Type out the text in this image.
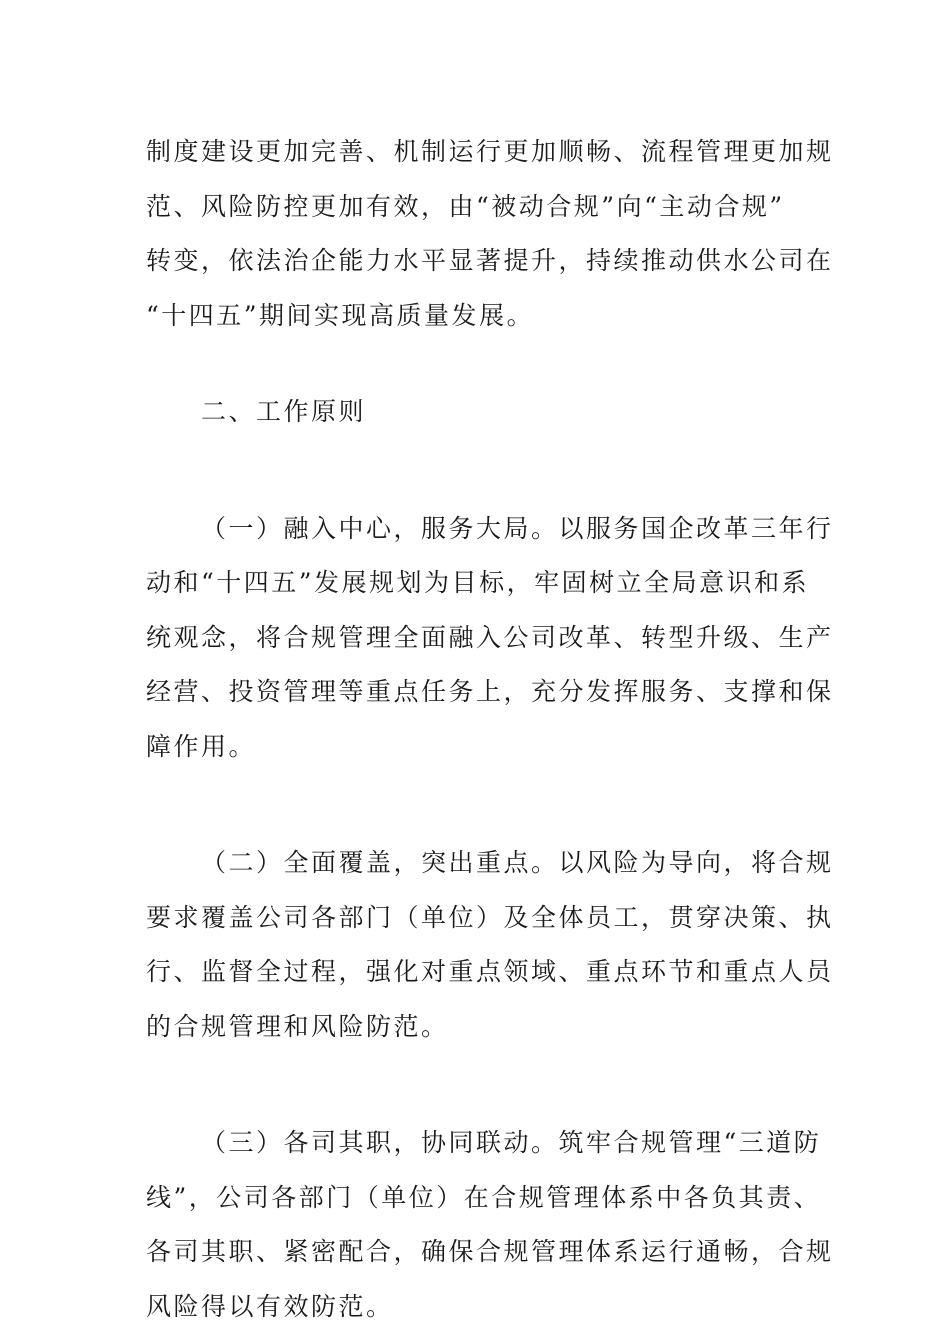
制度建设更加完善、机制运行更加顺畅、流程管理更加规
范、风险防控更加有效，由“被动合规”向“主动合规”
转变，依法治企能力水平显著提升，持续推动供水公司在
“十四五”期间实现高质量发展。

二、工作原则

（一）融入中心，服务大局。以服务国企改革三年行
动和“十四五”发展规划为目标，牢固树立全局意识和系
统观念，将合规管理全面融入公司改革、转型升级、生产
经营、投资管理等重点任务上，充分发挥服务、支撑和保
障作用。

（二）全面覆盖，突出重点。以风险为导向，将合规
要求覆盖公司各部门（单位）及全体员工，贯穿决策、执
行、监督全过程，强化对重点领域、重点环节和重点人员
的合规管理和风险防范。

（三）各司其职，协同联动。筑牢合规管理“三道防
线”，公司各部门（单位）在合规管理体系中各负其责、
各司其职、紧密配合，确保合规管理体系运行通畅，合规
风险得以有效防范。
